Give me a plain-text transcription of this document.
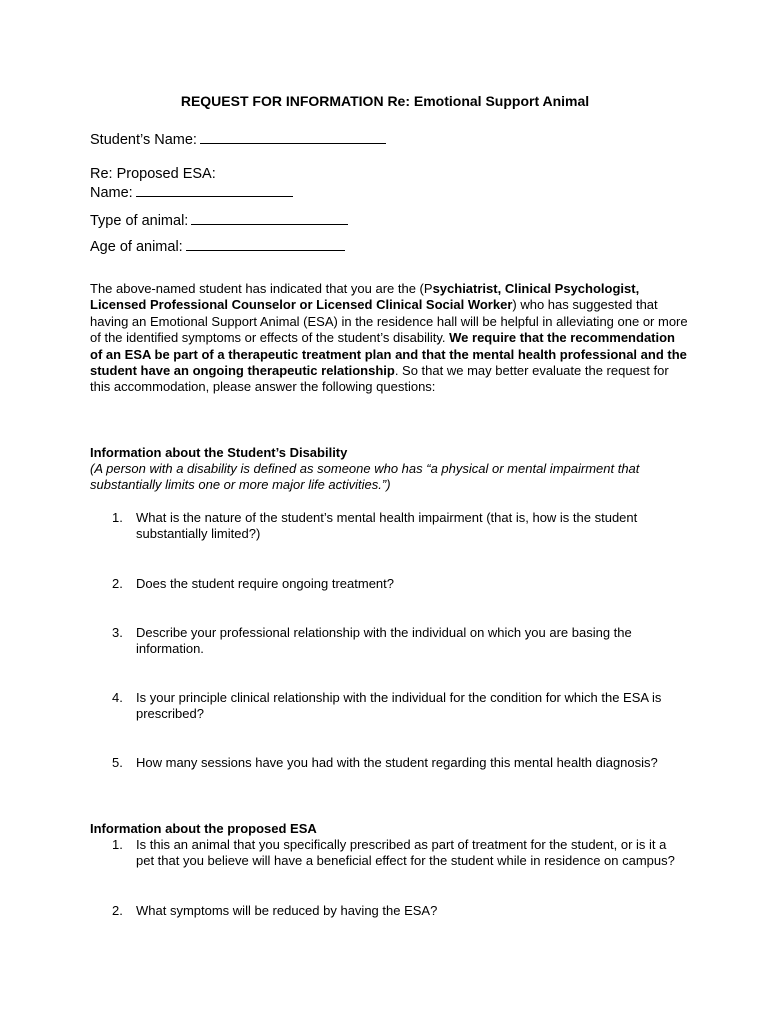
REQUEST FOR INFORMATION Re: Emotional Support Animal
Student’s Name:
Re: Proposed ESA:
Name:
Type of animal:
Age of animal:
The above-named student has indicated that you are the (Psychiatrist, Clinical Psychologist, Licensed Professional Counselor or Licensed Clinical Social Worker) who has suggested that having an Emotional Support Animal (ESA) in the residence hall will be helpful in alleviating one or more of the identified symptoms or effects of the student’s disability. We require that the recommendation of an ESA be part of a therapeutic treatment plan and that the mental health professional and the student have an ongoing therapeutic relationship. So that we may better evaluate the request for this accommodation, please answer the following questions:
Information about the Student’s Disability
(A person with a disability is defined as someone who has “a physical or mental impairment that substantially limits one or more major life activities.”)
1.	What is the nature of the student’s mental health impairment (that is, how is the student substantially limited?)
2.	Does the student require ongoing treatment?
3.	Describe your professional relationship with the individual on which you are basing the information.
4.	Is your principle clinical relationship with the individual for the condition for which the ESA is prescribed?
5.	How many sessions have you had with the student regarding this mental health diagnosis?
Information about the proposed ESA
1.	Is this an animal that you specifically prescribed as part of treatment for the student, or is it a pet that you believe will have a beneficial effect for the student while in residence on campus?
2.	What symptoms will be reduced by having the ESA?
